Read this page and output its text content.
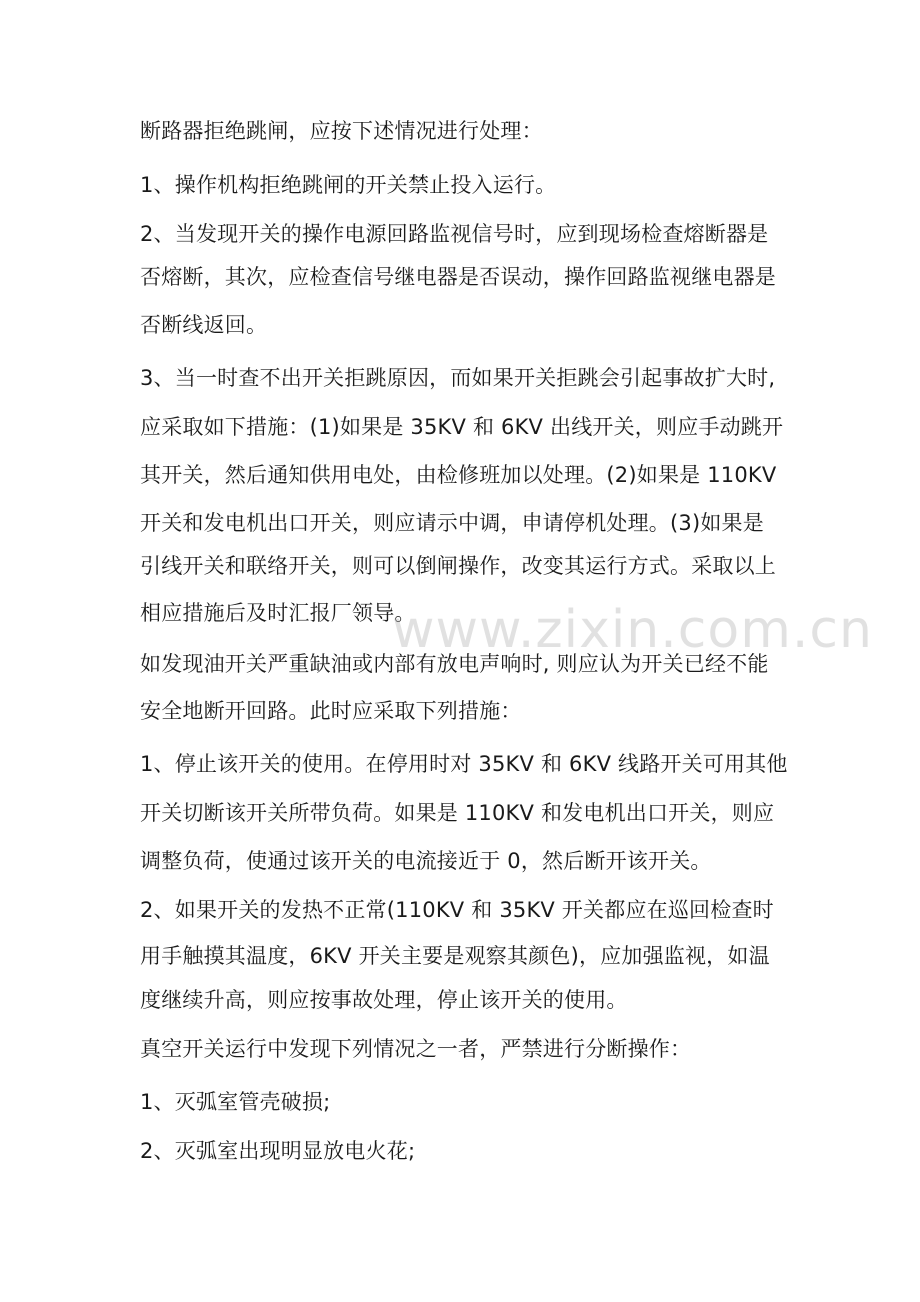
断路器拒绝跳闸，应按下述情况进行处理：
1、操作机构拒绝跳闸的开关禁止投入运行。
2、当发现开关的操作电源回路监视信号时，应到现场检查熔断器是
否熔断，其次，应检查信号继电器是否误动，操作回路监视继电器是
否断线返回。
3、当一时查不出开关拒跳原因，而如果开关拒跳会引起事故扩大时,
应采取如下措施：(1)如果是 35KV 和 6KV 出线开关，则应手动跳开
其开关，然后通知供用电处，由检修班加以处理。(2)如果是 110KV
开关和发电机出口开关，则应请示中调，申请停机处理。(3)如果是
引线开关和联络开关，则可以倒闸操作，改变其运行方式。采取以上
相应措施后及时汇报厂领导。
如发现油开关严重缺油或内部有放电声响时, 则应认为开关已经不能
安全地断开回路。此时应采取下列措施：
1、停止该开关的使用。在停用时对 35KV 和 6KV 线路开关可用其他
开关切断该开关所带负荷。如果是 110KV 和发电机出口开关，则应
调整负荷，使通过该开关的电流接近于 0，然后断开该开关。
2、如果开关的发热不正常(110KV 和 35KV 开关都应在巡回检查时
用手触摸其温度，6KV 开关主要是观察其颜色)，应加强监视，如温
度继续升高，则应按事故处理，停止该开关的使用。
真空开关运行中发现下列情况之一者，严禁进行分断操作：
1、灭弧室管壳破损;
2、灭弧室出现明显放电火花;
www.zixin.com.cn
